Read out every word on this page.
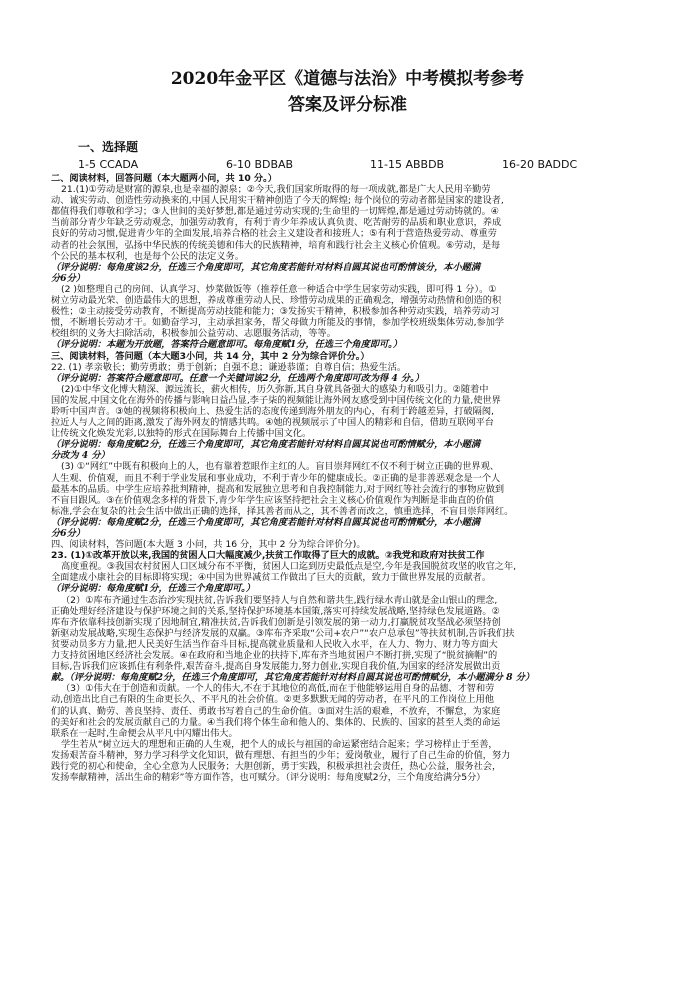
2020年金平区《道德与法治》中考模拟考参考
答案及评分标准
一、选择题
1-5 CCADA	6-10 BDBAB	11-15 ABBDB	16-20 BADDC
二、阅读材料，回答问题（本大题两小问，共 10 分。）
21.(1)①劳动是财富的源泉,也是幸福的源泉；②今天,我们国家所取得的每一项成就,都是广大人民用辛勤劳
动、诚实劳动、创造性劳动换来的,中国人民用实干精神创造了今天的辉煌; 每个岗位的劳动者都是国家的建设者,
都值得我们尊敬和学习；③人世间的美好梦想,都是通过劳动实现的;生命里的一切辉煌,都是通过劳动铸就的。④
当前部分青少年缺乏劳动观念，加强劳动教育，有利于青少年养成认真负责、吃苦耐劳的品质和职业意识，养成
良好的劳动习惯,促进青少年的全面发展,培养合格的社会主义建设者和接班人；⑤有利于营造热爱劳动、尊重劳
动者的社会氛围，弘扬中华民族的传统美德和伟大的民族精神，培育和践行社会主义核心价值观。⑥劳动，是每
个公民的基本权利，也是每个公民的法定义务。
（评分说明：每角度该2分，任选三个角度即可，其它角度若能针对材料自圆其说也可酌情该分，本小题满
分6分）
(2 )如整理自己的房间、认真学习、炒菜做饭等（推荐任意一种适合中学生居家劳动实践，即可得 1 分）。①
树立劳动最光荣、创造最伟大的思想，养成尊重劳动人民、珍惜劳动成果的正确观念，增强劳动热情和创造的积
极性；②主动接受劳动教育，不断提高劳动技能和能力；③发扬实干精神，积极参加各种劳动实践，培养劳动习
惯，不断增长劳动才干。如勤奋学习，主动承担家务，帮父母做力所能及的事情，参加学校班级集体劳动,参加学
校组织的义务大扫除活动，积极参加公益劳动、志愿服务活动，等等。
（评分说明：本题为开放题，答案符合题意即可。每角度赋1分，任选三个角度即可。）
三、阅读材料，答问题（本大题3小问，共 14 分，其中 2 分为综合评价分。）
22. (1) 孝亲敬长；勤劳勇敢；勇于创新；自强不息；谦逊恭谨；自尊自信；热爱生活。
（评分说明：答案符合题意即可。任意一个关键词该2分，任选两个角度即可改为得 4 分。）
(2)①中华文化博大精深、源远流长，薪火相传，历久弥新,其自身就具备强大的感染力和吸引力。②随着中
国的发展,中国文化在海外的传播与影响日益凸显,李子柒的视频能让海外网友感受到中国传统文化的力量,使世界
聆听中国声音。③她的视频将积极向上、热爱生活的态度传递到海外朋友的内心，有利于跨越差异，打破隔阂,
拉近人与人之间的距离,激发了海外网友的情感共鸣。④她的视频展示了中国人的精彩和自信，借助互联网平台
让传统文化焕发光彩,以独特的形式在国际舞台上传播中国文化。
（评分说明：每角度赋2分，任选三个角度即可，其它角度若能针对材料自圆其说也可酌情赋分，本小题满
分改为 4 分）
(3) ①“网红”中既有积极向上的人，也有靠着惹眼作主红的人。盲目崇拜网红不仅不利于树立正确的世界观、
人生观、价值观，而且不利于学业发展和事业成功，不利于青少年的健康成长。②正确的是非善恶观念是一个人
最基本的品质。中学生应培养批判精神，提高和发展独立思考和自我控制能力,对于网红等社会流行的事物应做到
不盲目跟风。③在价值观念多样的背景下,青少年学生应该坚持把社会主义核心价值观作为判断是非曲直的价值
标准,学会在复杂的社会生活中做出正确的选择，择其善者而从之，其不善者而改之，慎重选择，不盲目崇拜网红。
（评分说明：每角度赋2分，任选三个角度即可，其它角度若能针对材料自圆其说也可酌情赋分，本小题满
分6分）
四、阅读材料，答问题(本大题 3 小问，共 16 分，其中 2 分为综合评价分)。
23. (1)①改革开放以来,我国的贫困人口大幅度减少,扶贫工作取得了巨大的成就。②我党和政府对扶贫工作
高度重视。③我国农村贫困人口区域分布不平衡，贫困人口迄到历史最低点是空,今年是我国脱贫攻坚的收官之年,
全面建成小康社会的目标即将实现；④中国为世界减贫工作做出了巨大的贡献，致力于做世界发展的贡献者。
（评分说明：每角度赋1分，任选三个角度即可。）
（2）①库布齐通过生态治沙实现扶贫,告诉我们要坚持人与自然和谐共生,践行绿水青山就是金山银山的理念,
正确处理好经济建设与保护环境之间的关系,坚持保护环境基本国策,落实可持续发展战略,坚持绿色发展道路。②
库布齐依靠科技创新实现了因地制宜,精准扶贫,告诉我们创新是引领发展的第一动力,打赢脱贫攻坚战必须坚持创
新驱动发展战略,实现生态保护与经济发展的双赢。③库布齐采取“公司+农户”“农户总承包”等扶贫机制,告诉我们扶
贫要动员多方力量,把人民美好生活当作奋斗目标,提高就业质量和人民收入水平，在人力、物力、财力等方面大
力支持贫困地区经济社会发展。④在政府和当地企业的扶持下,库布齐当地贫困户不断打拼,实现了“脱贫摘帽”的
目标,告诉我们应该抓住有利条件,艰苦奋斗,提高自身发展能力,努力创业,实现自我价值,为国家的经济发展做出贡
献。（评分说明：每角度赋2分，任选三个角度即可，其它角度若能针对材料自圆其说也可酌情赋分，本小题满分 8 分）
（3）①伟大在于创造和贡献。一个人的伟大,不在于其地位的高低,而在于他能够运用自身的品德、才智和劳
动,创造出比自己有限的生命更长久、不平凡的社会价值。②更多默默无闻的劳动者，在平凡的工作岗位上用他
们的认真、勤劳、善良坚持、责任、勇敢书写着自己的生命价值。③面对生活的艰难，不放弃，不懈怠，为家庭
的美好和社会的发展贡献自己的力量。④当我们将个体生命和他人的、集体的、民族的、国家的甚至人类的命运
联系在一起时,生命便会从平凡中闪耀出伟大。
学生若从“树立远大的理想和正确的人生观，把个人的成长与祖国的命运紧密结合起来；学习榜样止于至善，
发扬艰苦奋斗精神，努力学习科学文化知识，做有理想、有担当的少年；爱岗敬业，履行了自己生命的价值，努力
践行党的初心和使命，全心全意为人民服务；大胆创新，勇于实践，积极承担社会责任，热心公益，服务社会，
发扬奉献精神，活出生命的精彩”等方面作答，也可赋分。（评分说明：每角度赋2分，三个角度给满分5分）
